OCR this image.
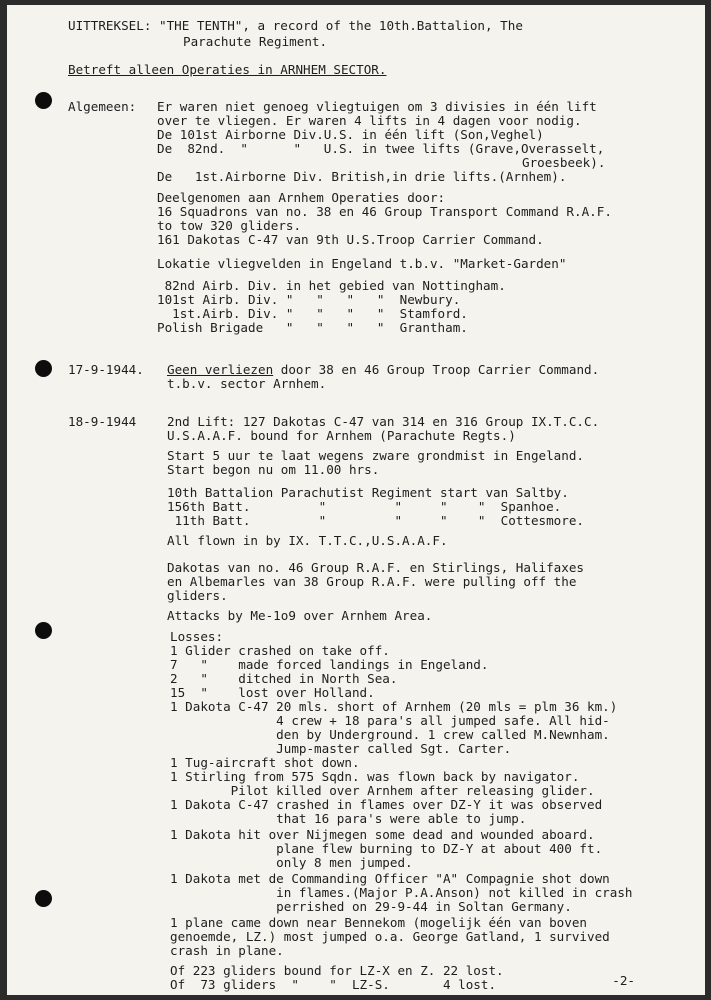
UITTREKSEL: "THE TENTH", a record of the 10th.Battalion, The
Parachute Regiment.
Betreft alleen Operaties in ARNHEM SECTOR.
Algemeen: Er waren niet genoeg vliegtuigen om 3 divisies in één lift
over te vliegen. Er waren 4 lifts in 4 dagen voor nodig.
De 101st Airborne Div.U.S. in één lift (Son,Veghel)
De  82nd.  "      "   U.S. in twee lifts (Grave,Overasselt,
Groesbeek).
De   1st.Airborne Div. British,in drie lifts.(Arnhem).
Deelgenomen aan Arnhem Operaties door:
16 Squadrons van no. 38 en 46 Group Transport Command R.A.F.
to tow 320 gliders.
161 Dakotas C-47 van 9th U.S.Troop Carrier Command.
Lokatie vliegvelden in Engeland t.b.v. "Market-Garden"
82nd Airb. Div. in het gebied van Nottingham.
101st Airb. Div. "   "   "   "  Newbury.
1st.Airb. Div. "   "   "   "  Stamford.
Polish Brigade   "   "   "   "  Grantham.
17-9-1944. Geen verliezen door 38 en 46 Group Troop Carrier Command.
t.b.v. sector Arnhem.
18-9-1944 2nd Lift: 127 Dakotas C-47 van 314 en 316 Group IX.T.C.C.
U.S.A.A.F. bound for Arnhem (Parachute Regts.)
Start 5 uur te laat wegens zware grondmist in Engeland.
Start begon nu om 11.00 hrs.
10th Battalion Parachutist Regiment start van Saltby.
156th Batt.         "         "     "    "  Spanhoe.
11th Batt.         "         "     "    "  Cottesmore.
All flown in by IX. T.T.C.,U.S.A.A.F.
Dakotas van no. 46 Group R.A.F. en Stirlings, Halifaxes
en Albemarles van 38 Group R.A.F. were pulling off the
gliders.
Attacks by Me-1o9 over Arnhem Area.
Losses:
1 Glider crashed on take off.
7   "    made forced landings in Engeland.
2   "    ditched in North Sea.
15  "    lost over Holland.
1 Dakota C-47 20 mls. short of Arnhem (20 mls = plm 36 km.)
4 crew + 18 para's all jumped safe. All hid-
den by Underground. 1 crew called M.Newnham.
Jump-master called Sgt. Carter.
1 Tug-aircraft shot down.
1 Stirling from 575 Sqdn. was flown back by navigator.
Pilot killed over Arnhem after releasing glider.
1 Dakota C-47 crashed in flames over DZ-Y it was observed
that 16 para's were able to jump.
1 Dakota hit over Nijmegen some dead and wounded aboard.
plane flew burning to DZ-Y at about 400 ft.
only 8 men jumped.
1 Dakota met de Commanding Officer "A" Compagnie shot down
in flames.(Major P.A.Anson) not killed in crash
perrished on 29-9-44 in Soltan Germany.
1 plane came down near Bennekom (mogelijk één van boven
genoemde, LZ.) most jumped o.a. George Gatland, 1 survived
crash in plane.
Of 223 gliders bound for LZ-X en Z. 22 lost.
Of  73 gliders  "    "  LZ-S.       4 lost.	-2-
